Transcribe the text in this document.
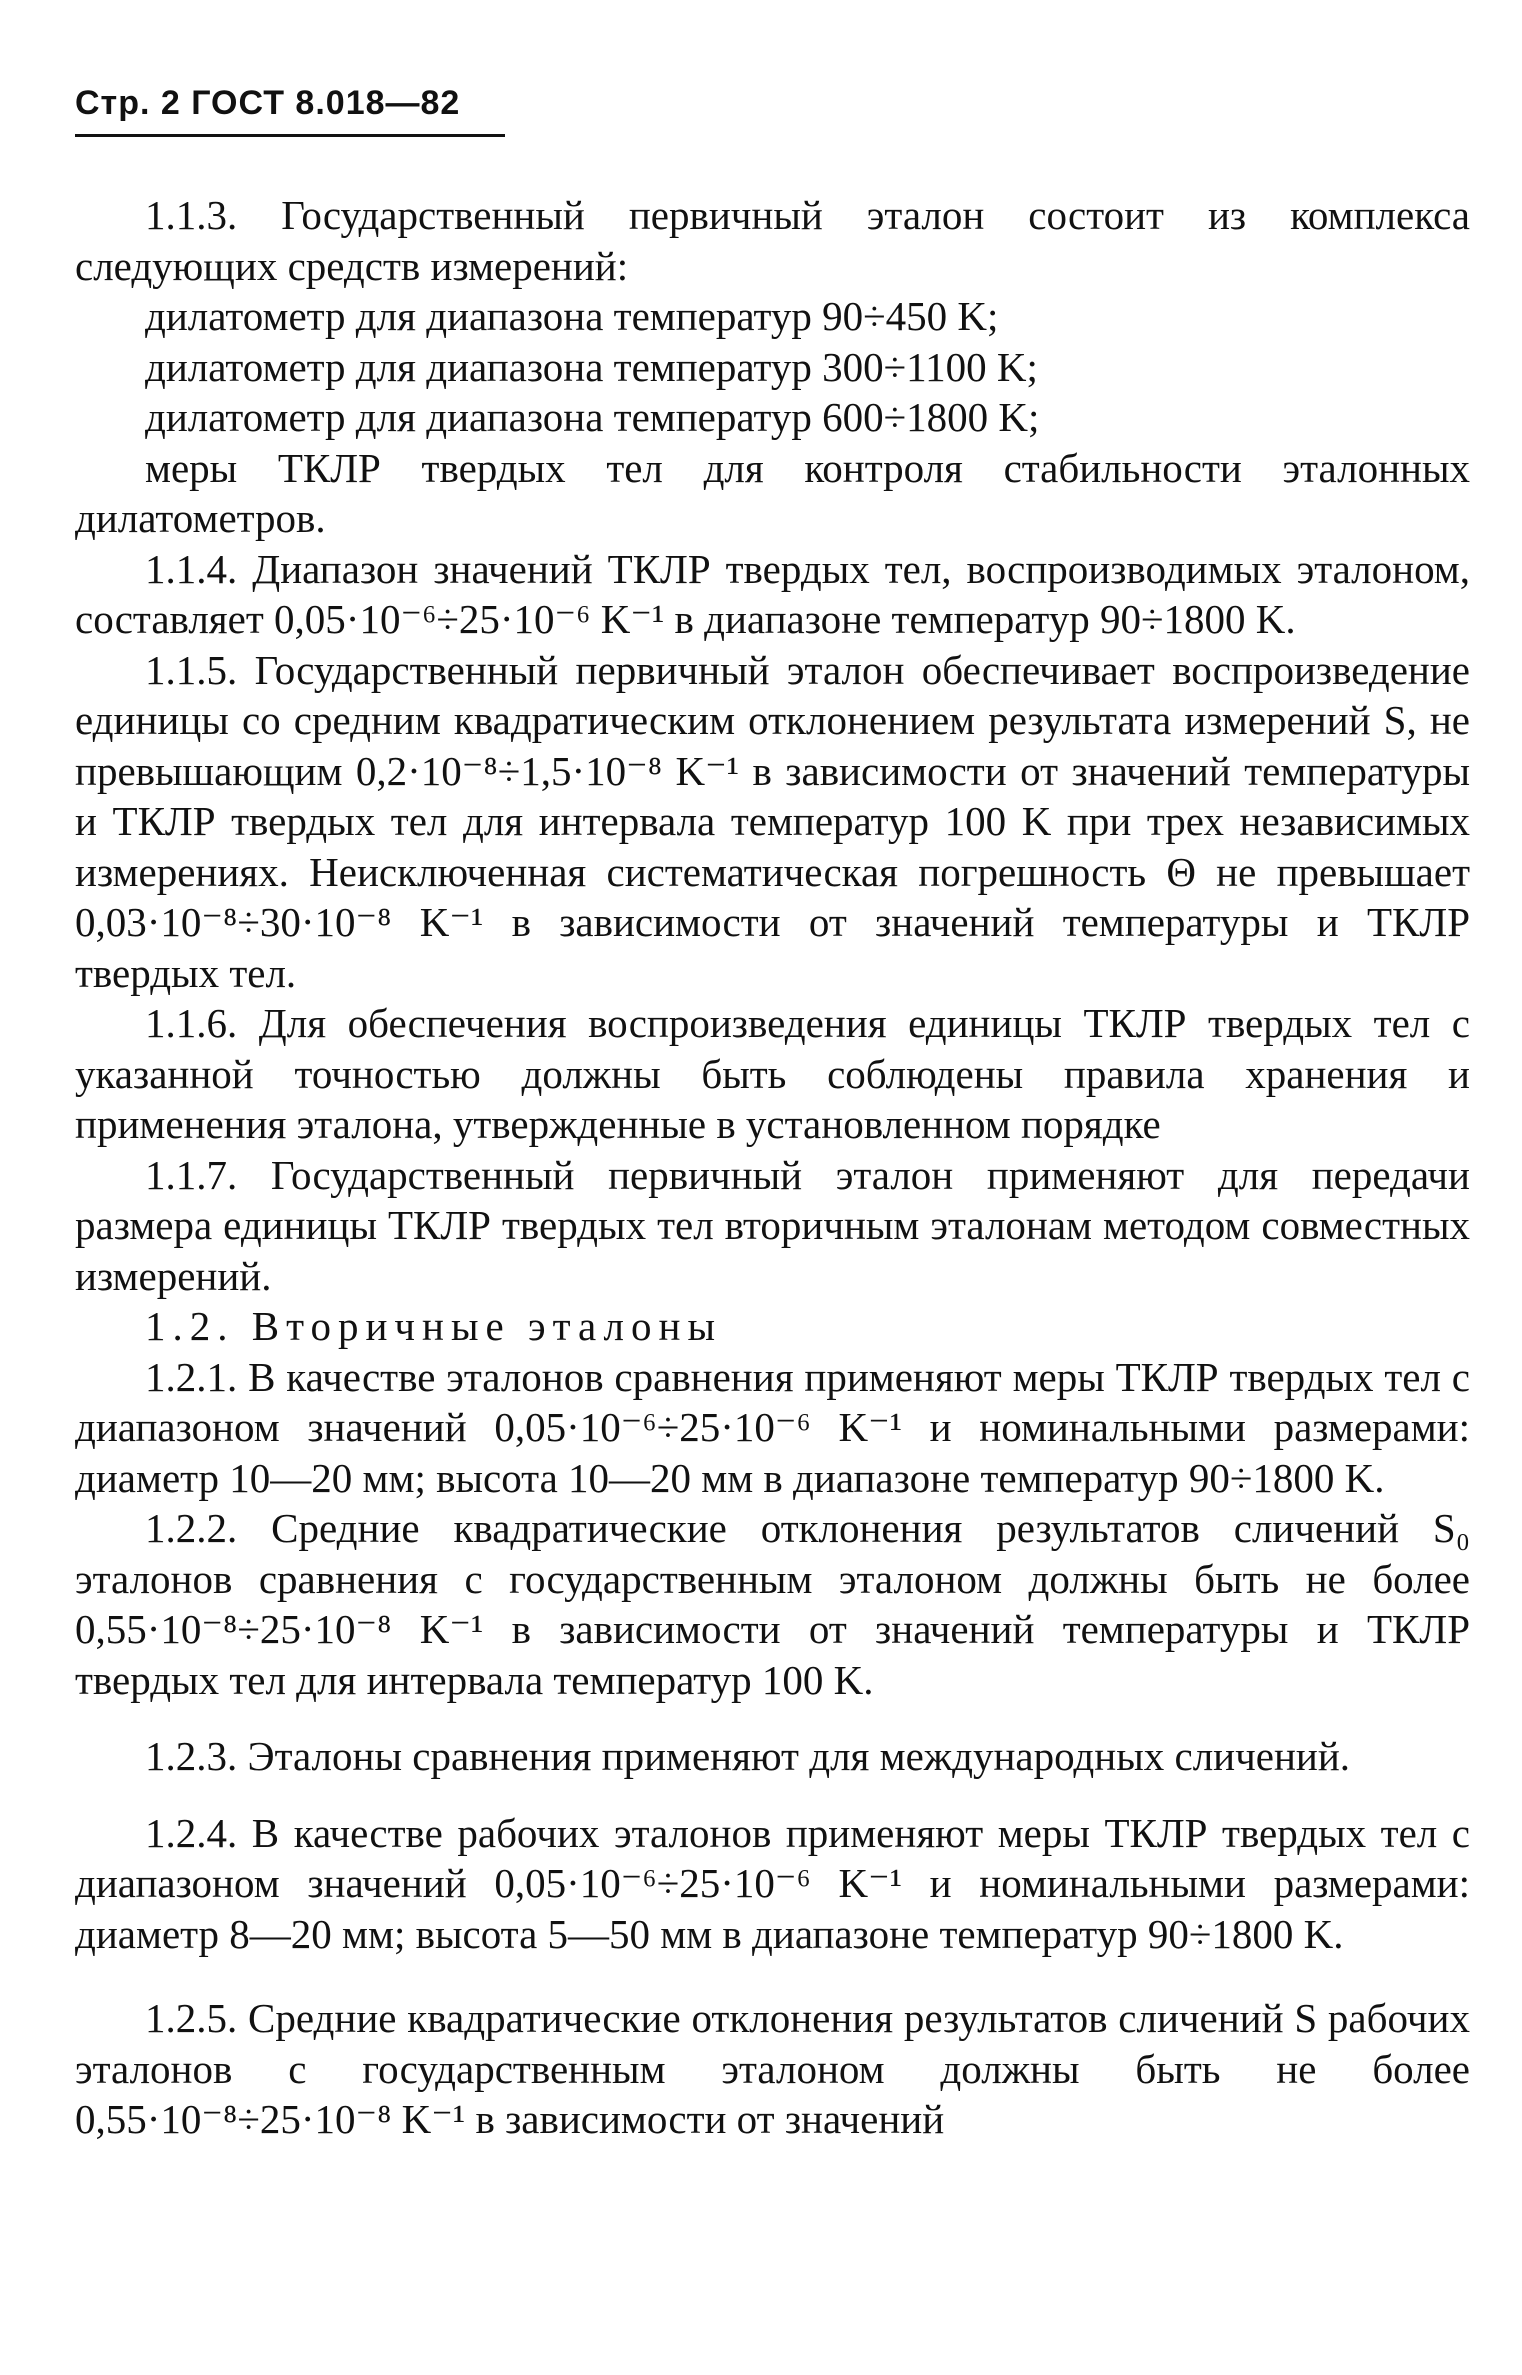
Стр. 2 ГОСТ 8.018—82

1.1.3. Государственный первичный эталон состоит из комплекса следующих средств измерений:

дилатометр для диапазона температур 90÷450 K;

дилатометр для диапазона температур 300÷1100 K;

дилатометр для диапазона температур 600÷1800 K;

меры ТКЛР твердых тел для контроля стабильности эталонных дилатометров.

1.1.4. Диапазон значений ТКЛР твердых тел, воспроизводимых эталоном, составляет 0,05·10⁻⁶÷25·10⁻⁶ K⁻¹ в диапазоне температур 90÷1800 K.

1.1.5. Государственный первичный эталон обеспечивает воспроизведение единицы со средним квадратическим отклонением результата измерений S, не превышающим 0,2·10⁻⁸÷1,5·10⁻⁸ K⁻¹ в зависимости от значений температуры и ТКЛР твердых тел для интервала температур 100 K при трех независимых измерениях. Неисключенная систематическая погрешность Θ не превышает 0,03·10⁻⁸÷30·10⁻⁸ K⁻¹ в зависимости от значений температуры и ТКЛР твердых тел.

1.1.6. Для обеспечения воспроизведения единицы ТКЛР твердых тел с указанной точностью должны быть соблюдены правила хранения и применения эталона, утвержденные в установленном порядке

1.1.7. Государственный первичный эталон применяют для передачи размера единицы ТКЛР твердых тел вторичным эталонам методом совместных измерений.

1.2. Вторичные эталоны

1.2.1. В качестве эталонов сравнения применяют меры ТКЛР твердых тел с диапазоном значений 0,05·10⁻⁶÷25·10⁻⁶ K⁻¹ и номинальными размерами: диаметр 10—20 мм; высота 10—20 мм в диапазоне температур 90÷1800 K.

1.2.2. Средние квадратические отклонения результатов сличений S₀ эталонов сравнения с государственным эталоном должны быть не более 0,55·10⁻⁸÷25·10⁻⁸ K⁻¹ в зависимости от значений температуры и ТКЛР твердых тел для интервала температур 100 K.

1.2.3. Эталоны сравнения применяют для международных сличений.

1.2.4. В качестве рабочих эталонов применяют меры ТКЛР твердых тел с диапазоном значений 0,05·10⁻⁶÷25·10⁻⁶ K⁻¹ и номинальными размерами: диаметр 8—20 мм; высота 5—50 мм в диапазоне температур 90÷1800 K.

1.2.5. Средние квадратические отклонения результатов сличений S рабочих эталонов с государственным эталоном должны быть не более 0,55·10⁻⁸÷25·10⁻⁸ K⁻¹ в зависимости от значений
